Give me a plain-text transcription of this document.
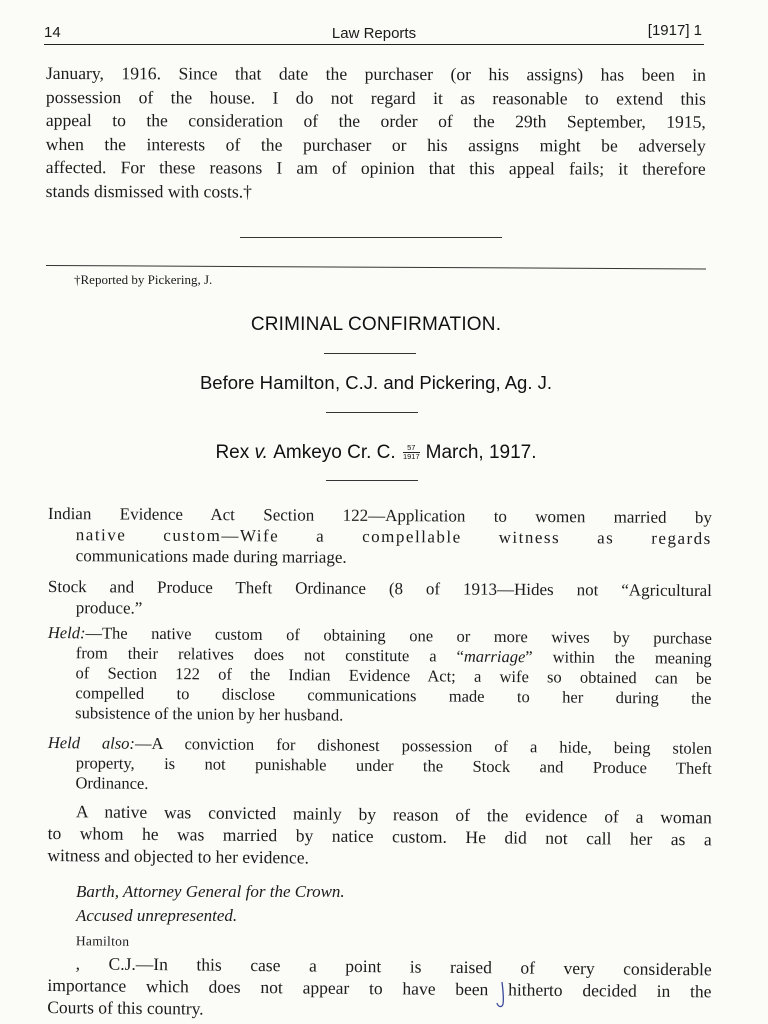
14	Law Reports	[1917] 1
January, 1916. Since that date the purchaser (or his assigns) has been in
possession of the house. I do not regard it as reasonable to extend this
appeal to the consideration of the order of the 29th September, 1915,
when the interests of the purchaser or his assigns might be adversely
affected. For these reasons I am of opinion that this appeal fails; it therefore
stands dismissed with costs.†
†Reported by Pickering, J.
CRIMINAL CONFIRMATION.
Before Hamilton, C.J. and Pickering, Ag. J.
Rex v. Amkeyo Cr. C. $\frac{57}{1917}$ March, 1917.
Indian Evidence Act Section 122—Application to women married by
native custom—Wife a compellable witness as regards
communications made during marriage.
Stock and Produce Theft Ordinance (8 of 1913—Hides not “Agricultural
produce.”
Held:—The native custom of obtaining one or more wives by purchase
from their relatives does not constitute a “marriage” within the meaning
of Section 122 of the Indian Evidence Act; a wife so obtained can be
compelled to disclose communications made to her during the
subsistence of the union by her husband.
Held also:—A conviction for dishonest possession of a hide, being stolen
property, is not punishable under the Stock and Produce Theft
Ordinance.
A native was convicted mainly by reason of the evidence of a woman
to whom he was married by natice custom. He did not call her as a
witness and objected to her evidence.
Barth, Attorney General for the Crown.
Accused unrepresented.
Hamilton
, C.J.—In this case a point is raised of very considerable
importance which does not appear to have been hitherto decided in the
Courts of this country.
